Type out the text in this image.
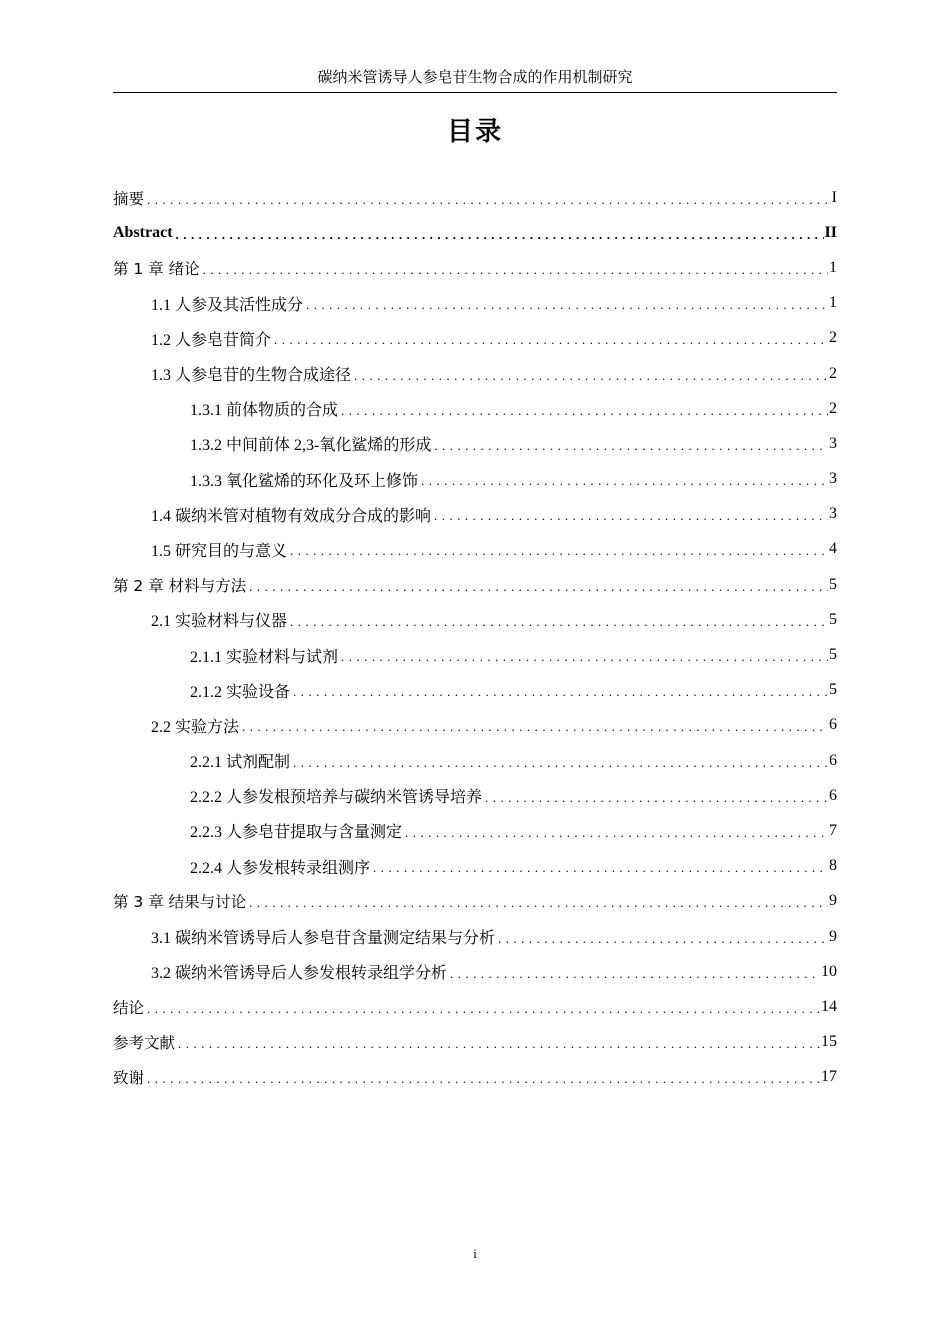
碳纳米管诱导人参皂苷生物合成的作用机制研究
目录
摘要 . . .	I
Abstract . . .	II
第 1 章 绪论 . . .	1
1.1 人参及其活性成分 . . .	1
1.2 人参皂苷简介 . . .	2
1.3 人参皂苷的生物合成途径 . . .	2
1.3.1 前体物质的合成 . . .	2
1.3.2 中间前体 2,3-氧化鲨烯的形成 . . .	3
1.3.3 氧化鲨烯的环化及环上修饰 . . .	3
1.4 碳纳米管对植物有效成分合成的影响 . . .	3
1.5 研究目的与意义 . . .	4
第 2 章 材料与方法 . . .	5
2.1 实验材料与仪器 . . .	5
2.1.1 实验材料与试剂 . . .	5
2.1.2 实验设备 . . .	5
2.2 实验方法 . . .	6
2.2.1 试剂配制 . . .	6
2.2.2 人参发根预培养与碳纳米管诱导培养 . . .	6
2.2.3 人参皂苷提取与含量测定 . . .	7
2.2.4 人参发根转录组测序 . . .	8
第 3 章 结果与讨论 . . .	9
3.1 碳纳米管诱导后人参皂苷含量测定结果与分析 . . .	9
3.2 碳纳米管诱导后人参发根转录组学分析 . . .	10
结论 . . .	14
参考文献 . . .	15
致谢 . . .	17
i
